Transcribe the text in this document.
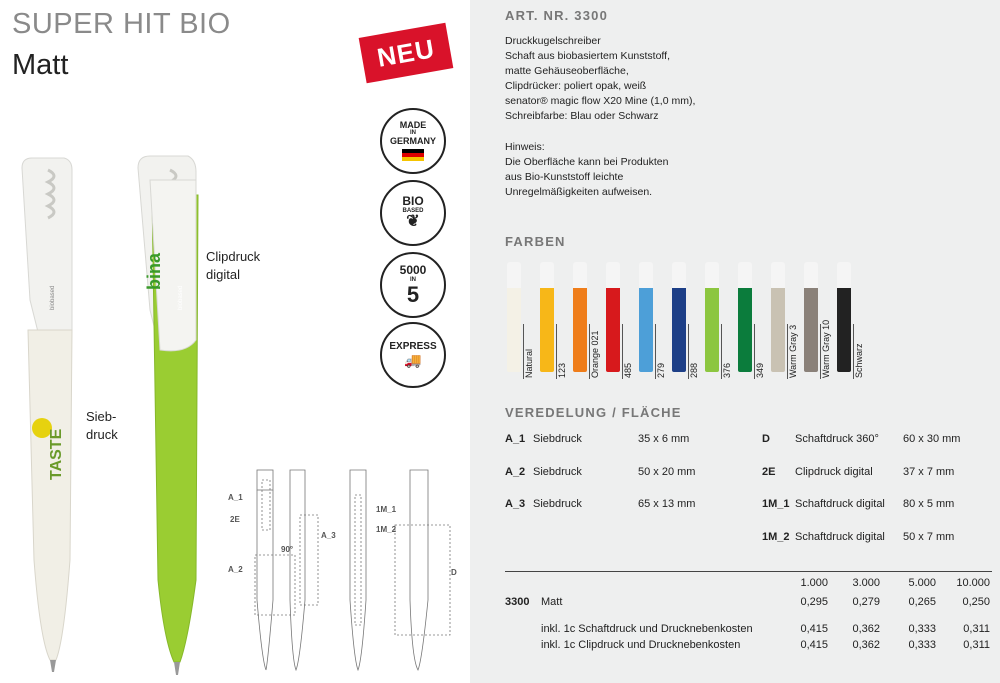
SUPER HIT BIO
Matt	NEU
TASTE
biobased
bina
biobased
A_1
2E
A_2
A_3
90°
1M_1
1M_2
D
Clipdruck
digital
Sieb-
druck
MADE
IN
GERMANY
BIO
BASED
❦
5000
IN
5
EXPRESS
🚚
ART. NR. 3300
Druckkugelschreiber
Schaft aus biobasiertem Kunststoff,
matte Gehäuseoberfläche,
Clipdrücker: poliert opak, weiß
senator® magic flow X20 Mine (1,0 mm),
Schreibfarbe: Blau oder Schwarz
Hinweis:
Die Oberfläche kann bei Produkten
aus Bio-Kunststoff leichte
Unregelmäßigkeiten aufweisen.
FARBEN
Natural	123	Orange 021	485	279	288	376	349	Warm Gray 3	Warm Gray 10	Schwarz
VEREDELUNG / FLÄCHE
A_1 Siebdruck	35 x 6 mm
A_2 Siebdruck	50 x 20 mm
A_3 Siebdruck	65 x 13 mm
D Schaftdruck 360° 60 x 30 mm
2E Clipdruck digital	37 x 7 mm
1M_1 Schaftdruck digital 80 x 5 mm
1M_2 Schaftdruck digital 50 x 7 mm
1.000	3.000	5.000	10.000
3300 Matt	0,295	0,279	0,265	0,250
inkl. 1c Schaftdruck und Drucknebenkosten	0,415	0,362	0,333	0,311
inkl. 1c Clipdruck und Drucknebenkosten	0,415	0,362	0,333	0,311
